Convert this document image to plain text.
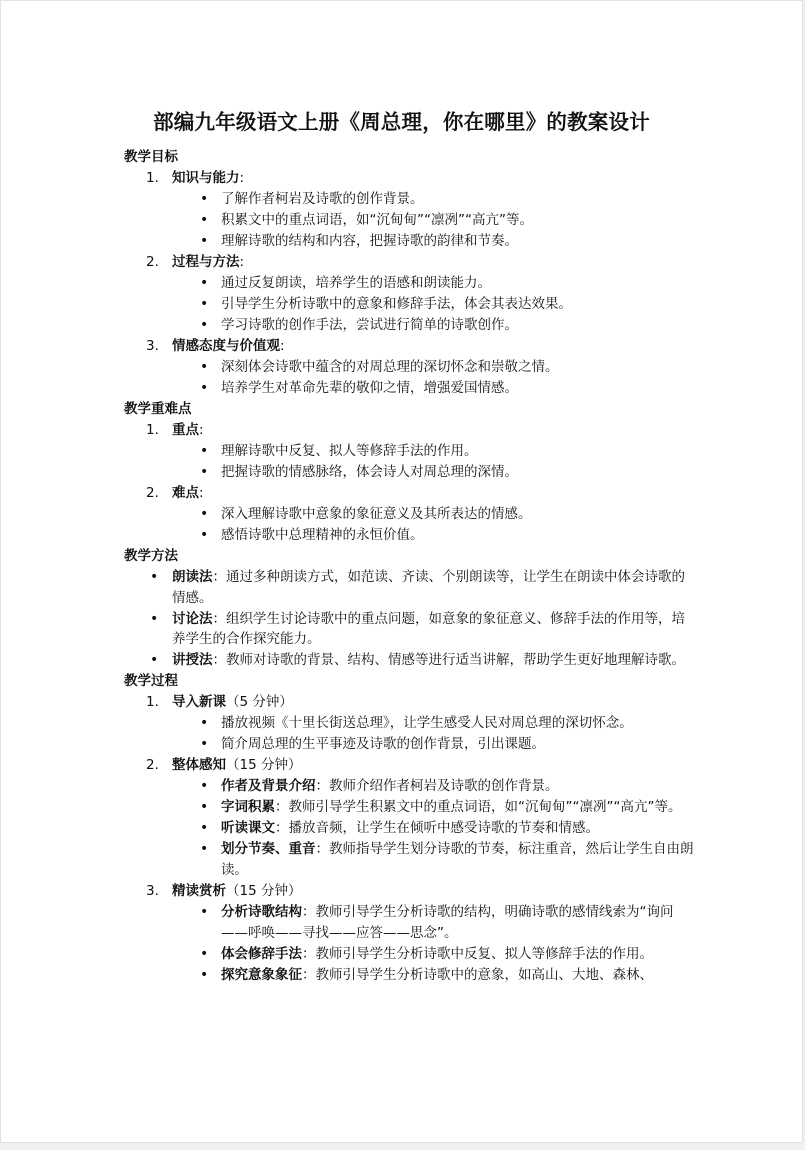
部编九年级语文上册《周总理，你在哪里》的教案设计
教学目标
1. 知识与能力:
• 了解作者柯岩及诗歌的创作背景。
• 积累文中的重点词语，如“沉甸甸”“凛冽”“高亢”等。
• 理解诗歌的结构和内容，把握诗歌的韵律和节奏。
2. 过程与方法:
• 通过反复朗读，培养学生的语感和朗读能力。
• 引导学生分析诗歌中的意象和修辞手法，体会其表达效果。
• 学习诗歌的创作手法，尝试进行简单的诗歌创作。
3. 情感态度与价值观:
• 深刻体会诗歌中蕴含的对周总理的深切怀念和崇敬之情。
• 培养学生对革命先辈的敬仰之情，增强爱国情感。
教学重难点
1. 重点:
• 理解诗歌中反复、拟人等修辞手法的作用。
• 把握诗歌的情感脉络，体会诗人对周总理的深情。
2. 难点:
• 深入理解诗歌中意象的象征意义及其所表达的情感。
• 感悟诗歌中总理精神的永恒价值。
教学方法
• 朗读法：通过多种朗读方式，如范读、齐读、个别朗读等，让学生在朗读中体会诗歌的情感。
• 讨论法：组织学生讨论诗歌中的重点问题，如意象的象征意义、修辞手法的作用等，培养学生的合作探究能力。
• 讲授法：教师对诗歌的背景、结构、情感等进行适当讲解，帮助学生更好地理解诗歌。
教学过程
1. 导入新课（5 分钟）
• 播放视频《十里长街送总理》，让学生感受人民对周总理的深切怀念。
• 简介周总理的生平事迹及诗歌的创作背景，引出课题。
2. 整体感知（15 分钟）
• 作者及背景介绍：教师介绍作者柯岩及诗歌的创作背景。
• 字词积累：教师引导学生积累文中的重点词语，如“沉甸甸”“凛冽”“高亢”等。
• 听读课文：播放音频，让学生在倾听中感受诗歌的节奏和情感。
• 划分节奏、重音：教师指导学生划分诗歌的节奏，标注重音，然后让学生自由朗读。
3. 精读赏析（15 分钟）
• 分析诗歌结构：教师引导学生分析诗歌的结构，明确诗歌的感情线索为“询问——呼唤——寻找——应答——思念”。
• 体会修辞手法：教师引导学生分析诗歌中反复、拟人等修辞手法的作用。
• 探究意象象征：教师引导学生分析诗歌中的意象，如高山、大地、森林、
